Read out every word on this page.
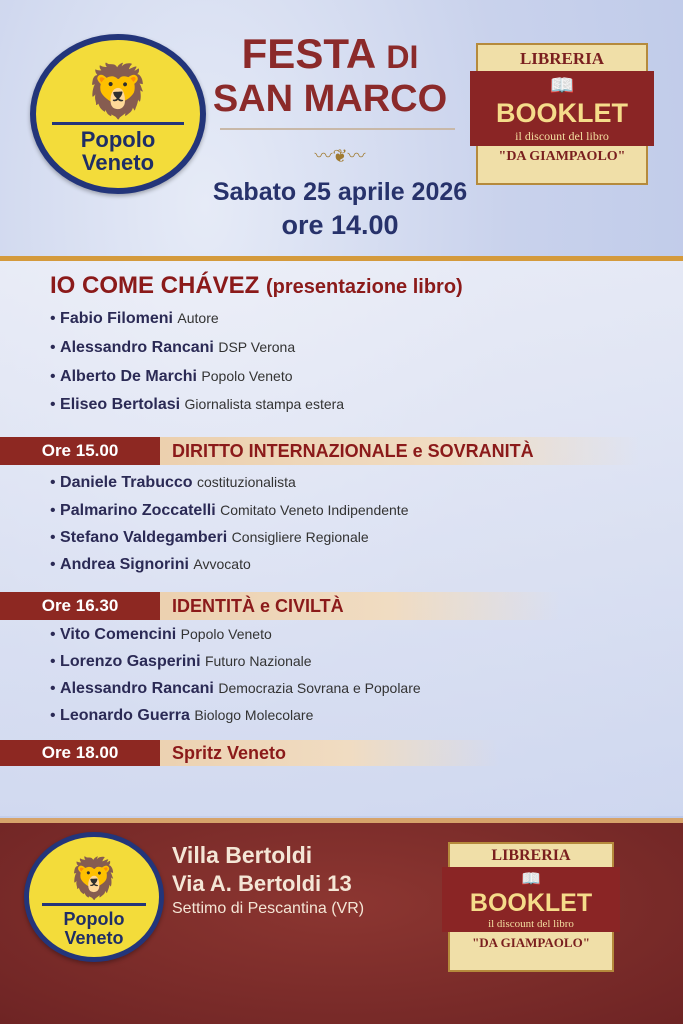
🦁
Popolo
Veneto
FESTA DI
SAN MARCO
〰❦〰
Sabato 25 aprile 2026
ore 14.00
LIBRERIA
📖
BOOKLET
il discount del libro
"DA GIAMPAOLO"
IO COME CHÁVEZ (presentazione libro)
• Fabio Filomeni Autore
• Alessandro Rancani DSP Verona
• Alberto De Marchi Popolo Veneto
• Eliseo Bertolasi Giornalista stampa estera
Ore 15.00	DIRITTO INTERNAZIONALE e SOVRANITÀ
• Daniele Trabucco costituzionalista
• Palmarino Zoccatelli Comitato Veneto Indipendente
• Stefano Valdegamberi Consigliere Regionale
• Andrea Signorini Avvocato
Ore 16.30	IDENTITÀ e CIVILTÀ
• Vito Comencini Popolo Veneto
• Lorenzo Gasperini Futuro Nazionale
• Alessandro Rancani Democrazia Sovrana e Popolare
• Leonardo Guerra Biologo Molecolare
Ore 18.00	Spritz Veneto
🦁
Popolo
Veneto
Villa Bertoldi
Via A. Bertoldi 13
Settimo di Pescantina (VR)
LIBRERIA
📖
BOOKLET
il discount del libro
"DA GIAMPAOLO"
